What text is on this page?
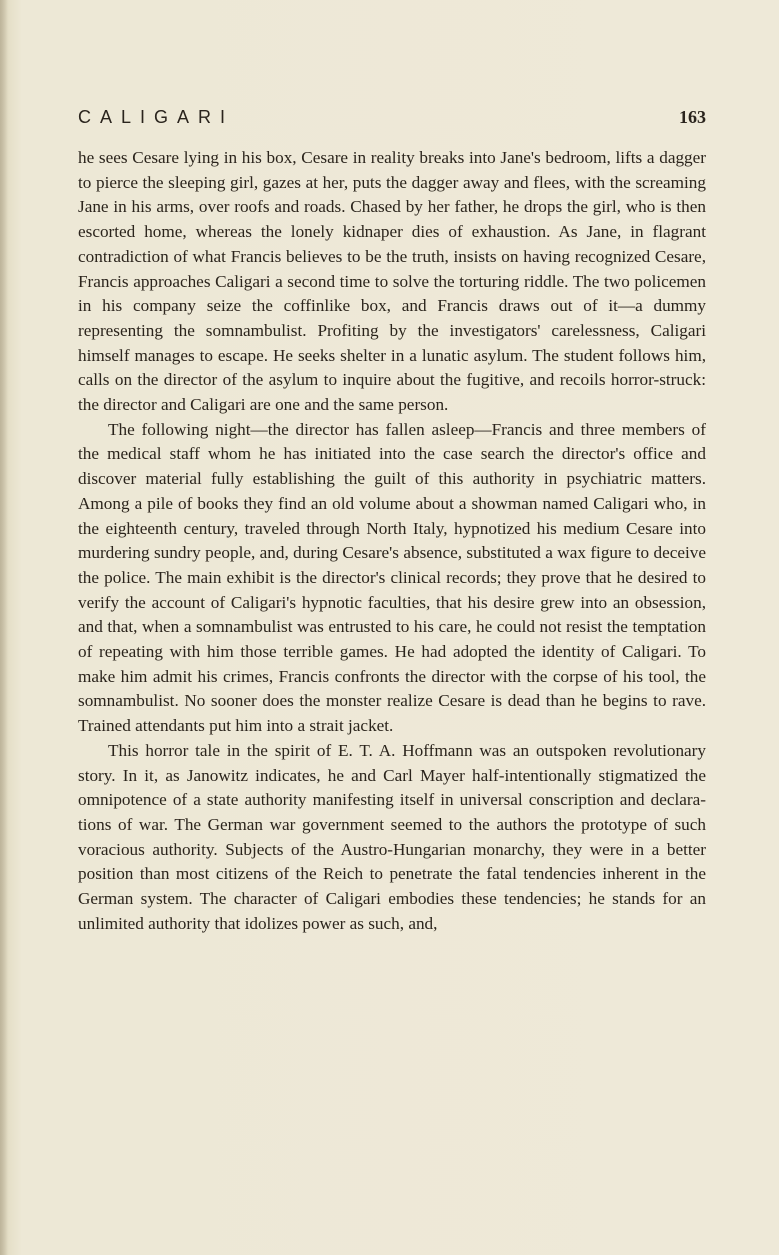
CALIGARI	163

he sees Cesare lying in his box, Cesare in reality breaks into Jane's bedroom, lifts a dagger to pierce the sleeping girl, gazes at her, puts the dagger away and flees, with the screaming Jane in his arms, over roofs and roads. Chased by her father, he drops the girl, who is then escorted home, whereas the lonely kidnaper dies of exhaustion. As Jane, in flagrant contradiction of what Francis believes to be the truth, insists on having recognized Cesare, Francis approaches Caligari a second time to solve the torturing riddle. The two policemen in his company seize the coffinlike box, and Francis draws out of it—a dummy representing the somnambulist. Profiting by the investigators' carelessness, Caligari himself manages to escape. He seeks shelter in a lunatic asylum. The student follows him, calls on the director of the asylum to inquire about the fugitive, and recoils horror-struck: the director and Caligari are one and the same person.

The following night—the director has fallen asleep—Francis and three members of the medical staff whom he has initiated into the case search the director's office and discover material fully establishing the guilt of this authority in psychiatric matters. Among a pile of books they find an old volume about a showman named Caligari who, in the eighteenth century, traveled through North Italy, hypnotized his medium Cesare into murdering sundry people, and, during Cesare's absence, substituted a wax figure to deceive the police. The main exhibit is the director's clinical records; they prove that he desired to verify the account of Caligari's hypnotic faculties, that his desire grew into an obsession, and that, when a somnambulist was entrusted to his care, he could not resist the temptation of repeating with him those terrible games. He had adopted the identity of Caligari. To make him admit his crimes, Francis confronts the director with the corpse of his tool, the somnambulist. No sooner does the monster realize Cesare is dead than he begins to rave. Trained attendants put him into a strait jacket.

This horror tale in the spirit of E. T. A. Hoffmann was an outspoken revolutionary story. In it, as Janowitz indicates, he and Carl Mayer half-intentionally stigmatized the omnipotence of a state authority manifesting itself in universal conscription and declarations of war. The German war government seemed to the authors the prototype of such voracious authority. Subjects of the Austro-Hungarian monarchy, they were in a better position than most citizens of the Reich to penetrate the fatal tendencies inherent in the German system. The character of Caligari embodies these tendencies; he stands for an unlimited authority that idolizes power as such, and,
